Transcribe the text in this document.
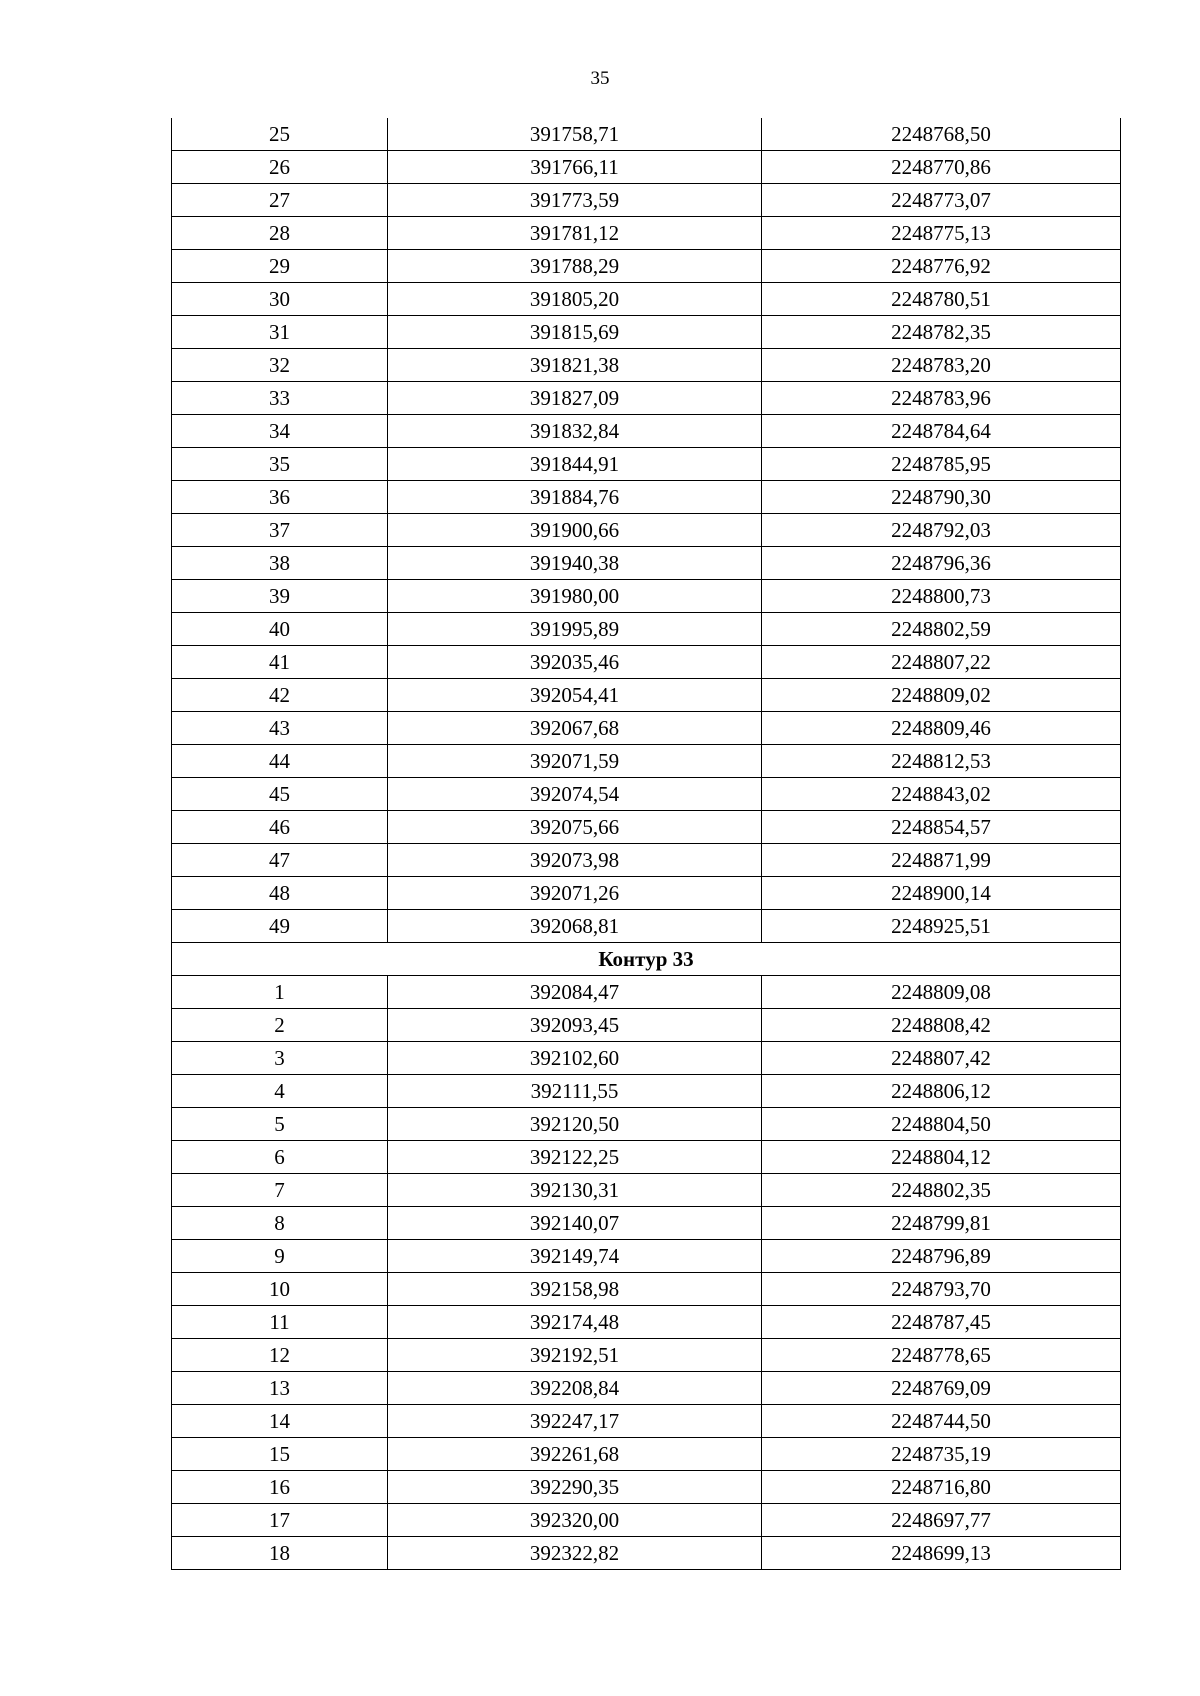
35
25	391758,71	2248768,50
26	391766,11	2248770,86
27	391773,59	2248773,07
28	391781,12	2248775,13
29	391788,29	2248776,92
30	391805,20	2248780,51
31	391815,69	2248782,35
32	391821,38	2248783,20
33	391827,09	2248783,96
34	391832,84	2248784,64
35	391844,91	2248785,95
36	391884,76	2248790,30
37	391900,66	2248792,03
38	391940,38	2248796,36
39	391980,00	2248800,73
40	391995,89	2248802,59
41	392035,46	2248807,22
42	392054,41	2248809,02
43	392067,68	2248809,46
44	392071,59	2248812,53
45	392074,54	2248843,02
46	392075,66	2248854,57
47	392073,98	2248871,99
48	392071,26	2248900,14
49	392068,81	2248925,51
Контур 33		
1	392084,47	2248809,08
2	392093,45	2248808,42
3	392102,60	2248807,42
4	392111,55	2248806,12
5	392120,50	2248804,50
6	392122,25	2248804,12
7	392130,31	2248802,35
8	392140,07	2248799,81
9	392149,74	2248796,89
10	392158,98	2248793,70
11	392174,48	2248787,45
12	392192,51	2248778,65
13	392208,84	2248769,09
14	392247,17	2248744,50
15	392261,68	2248735,19
16	392290,35	2248716,80
17	392320,00	2248697,77
18	392322,82	2248699,13
